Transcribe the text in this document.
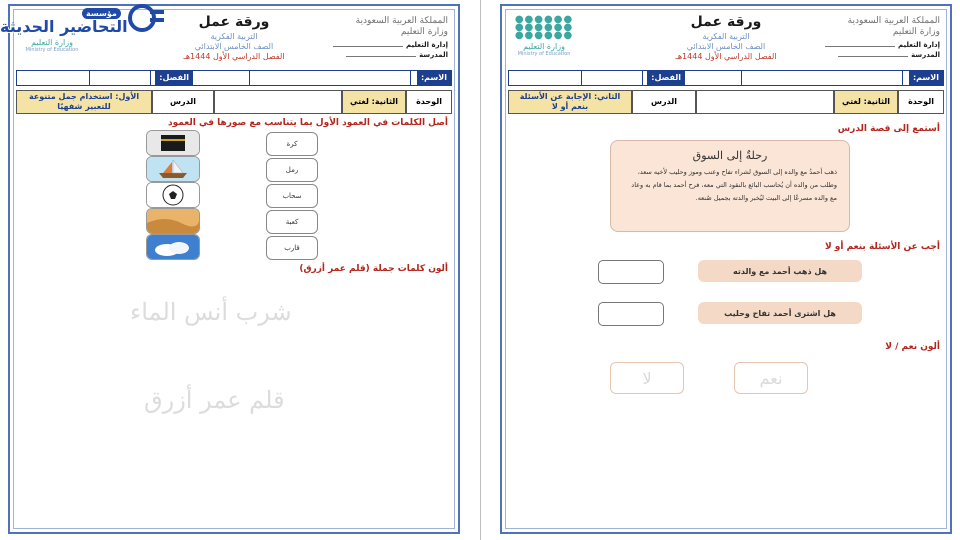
المملكة العربية السعودية
وزارة التعليم
إدارة التعليم
المدرسة
ورقة عمل
التربية الفكرية
الصف الخامس الابتدائي
الفصل الدراسي الأول 1444هـ
وزارة التعليم
Ministry of Education
الاسم:
الفصل:
الوحدة
الثانية: لغتي
الدرس
الأول: استخدام جمل متنوعة للتعبير شفهيًا
أصل الكلمات في العمود الأول بما يتناسب مع صورها في العمود
كرة
رمل
سحاب
كعبة
قارب
ألون كلمات جملة (قلم عمر أزرق)
شرب أنس الماء
قلم عمر أزرق
المملكة العربية السعودية
وزارة التعليم
إدارة التعليم
المدرسة
ورقة عمل
التربية الفكرية
الصف الخامس الابتدائي
الفصل الدراسي الأول 1444هـ
●●●●●●
●●●●●●
●●●●●●
وزارة التعليم
Ministry of Education
الاسم:
الفصل:
الوحدة
الثانية: لغتي
الدرس
الثاني: الإجابة عن الأسئلة بنعم أو لا
أستمع إلى قصة الدرس
رحلةٌ إلى السوق
ذهب أحمدُ مع والده إلى السوق لشراء تفاح وعنب وموز وحليب لأخيه سعد، وطلب من والده أن يُحاسب البائع بالنقود التي معه، فرح أحمد بما قام به وعاد مع والده مسرعًا إلى البيت ليُخبر والدته بجميل صُنعه.
أجب عن الأسئلة بنعم أو لا
هل ذهب أحمد مع والدته
هل اشترى أحمد تفاح وحليب
ألون نعم / لا
نعم
لا
مؤسسة
التحاضير الحديثة
